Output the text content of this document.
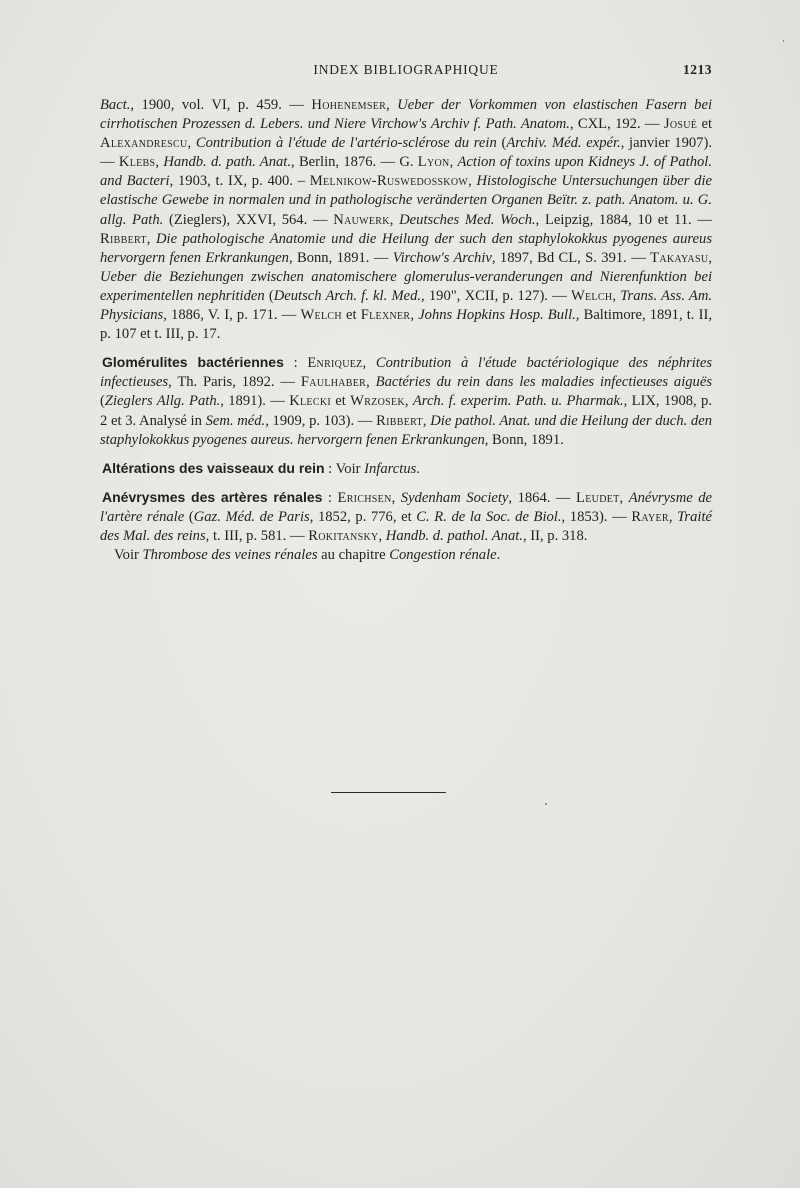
INDEX BIBLIOGRAPHIQUE	1213

Bact., 1900, vol. VI, p. 459. — Hohenemser, Ueber der Vorkommen von elastischen Fasern bei cirrhotischen Prozessen d. Lebers. und Niere Virchow's Archiv f. Path. Anatom., CXL, 192. — Josué et Alexandrescu, Contribution à l'étude de l'artério-sclérose du rein (Archiv. Méd. expér., janvier 1907). — Klebs, Handb. d. path. Anat., Berlin, 1876. — G. Lyon, Action of toxins upon Kidneys J. of Pathol. and Bacteri, 1903, t. IX, p. 400. – Melnikow-Ruswedosskow, Histologische Untersuchungen über die elastische Gewebe in normalen und in pathologische veränderten Organen Beïtr. z. path. Anatom. u. G. allg. Path. (Zieglers), XXVI, 564. — Nauwerk, Deutsches Med. Woch., Leipzig, 1884, 10 et 11. — Ribbert, Die pathologische Anatomie und die Heilung der such den staphylokokkus pyogenes aureus hervorgern fenen Erkrankungen, Bonn, 1891. — Virchow's Archiv, 1897, Bd CL, S. 391. — Takayasu, Ueber die Beziehungen zwischen anatomischere glomerulus-veranderungen and Nierenfunktion bei experimentellen nephritiden (Deutsch Arch. f. kl. Med., 190", XCII, p. 127). — Welch, Trans. Ass. Am. Physicians, 1886, V. I, p. 171. — Welch et Flexner, Johns Hopkins Hosp. Bull., Baltimore, 1891, t. II, p. 107 et t. III, p. 17.

Glomérulites bactériennes : Enriquez, Contribution à l'étude bactériologique des néphrites infectieuses, Th. Paris, 1892. — Faulhaber, Bactéries du rein dans les maladies infectieuses aiguës (Zieglers Allg. Path., 1891). — Klecki et Wrzosek, Arch. f. experim. Path. u. Pharmak., LIX, 1908, p. 2 et 3. Analysé in Sem. méd., 1909, p. 103). — Ribbert, Die pathol. Anat. und die Heilung der duch. den staphylokokkus pyogenes aureus. hervorgern fenen Erkrankungen, Bonn, 1891.

Altérations des vaisseaux du rein : Voir Infarctus.

Anévrysmes des artères rénales : Erichsen, Sydenham Society, 1864. — Leudet, Anévrysme de l'artère rénale (Gaz. Méd. de Paris, 1852, p. 776, et C. R. de la Soc. de Biol., 1853). — Rayer, Traité des Mal. des reins, t. III, p. 581. — Rokitansky, Handb. d. pathol. Anat., II, p. 318.

Voir Thrombose des veines rénales au chapitre Congestion rénale.
